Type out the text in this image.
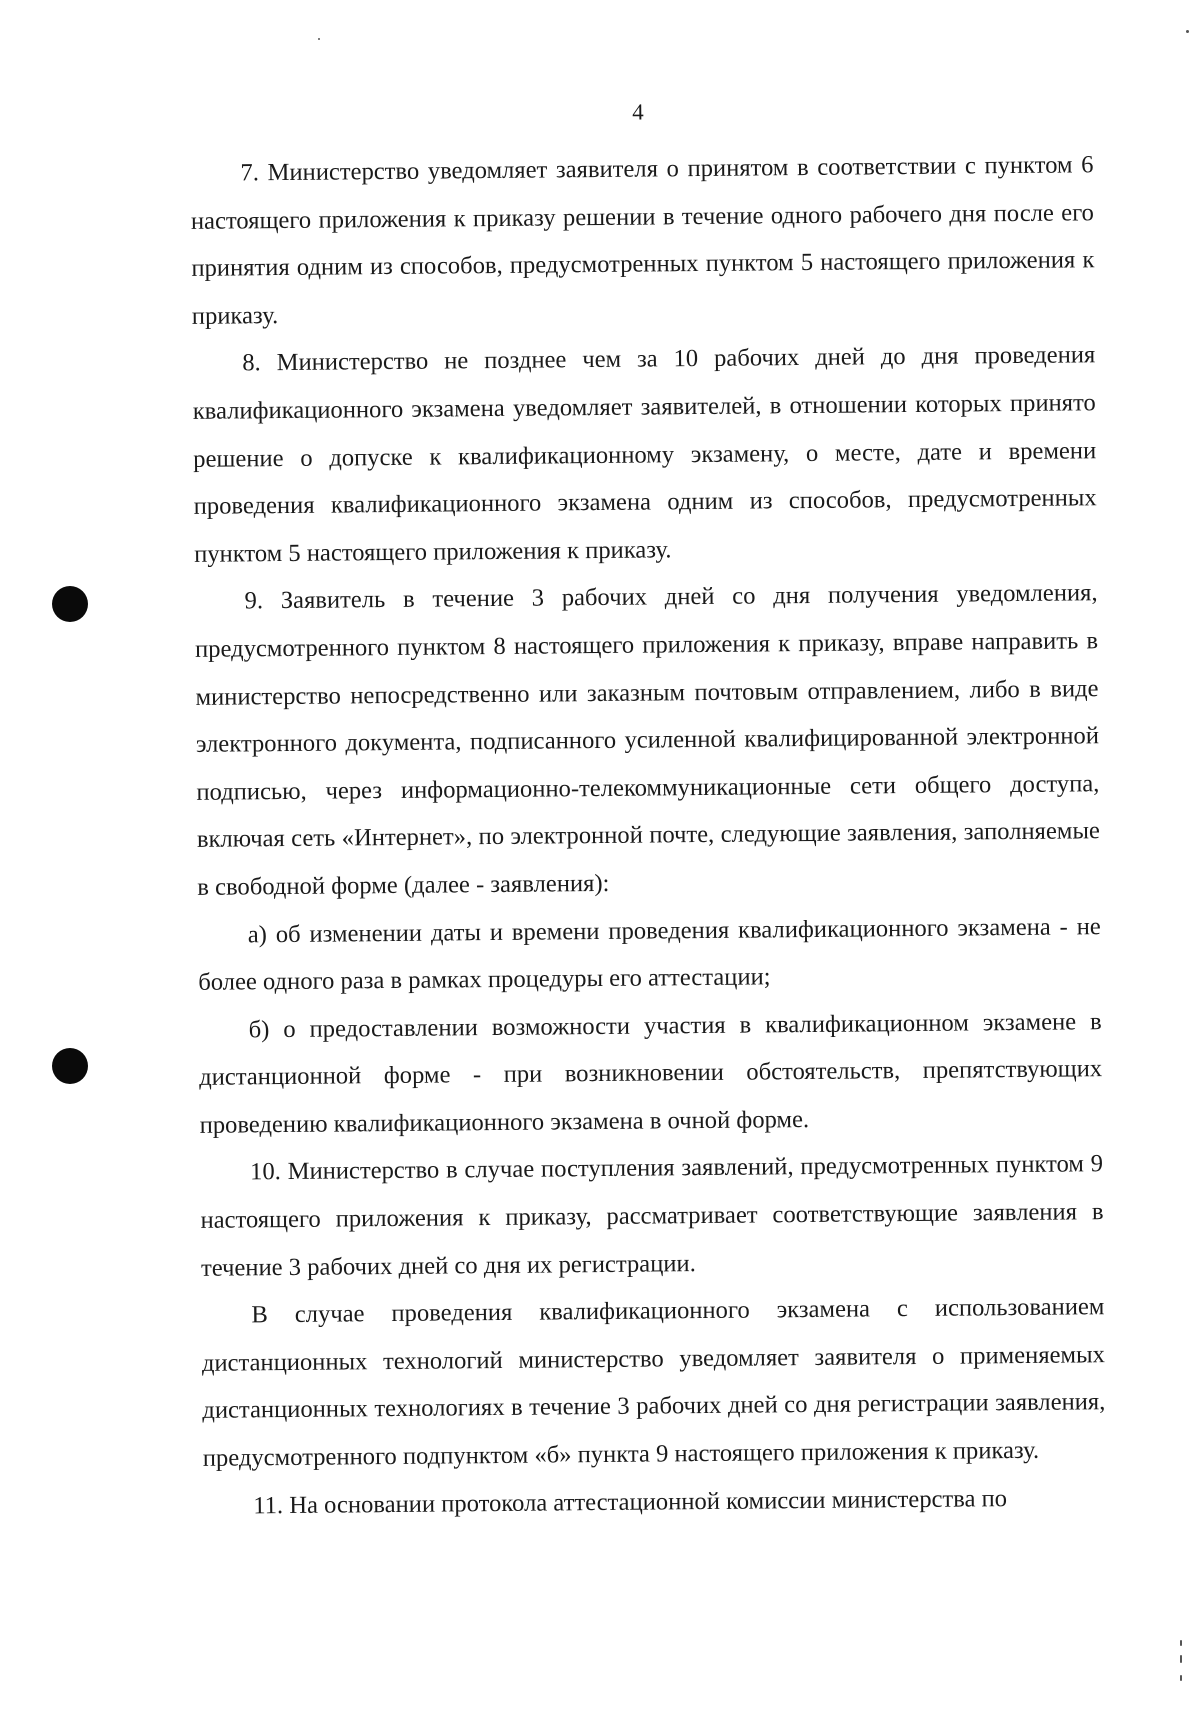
4

7. Министерство уведомляет заявителя о принятом в соответствии с пунктом 6 настоящего приложения к приказу решении в течение одного рабочего дня после его принятия одним из способов, предусмотренных пунктом 5 настоящего приложения к приказу.

8. Министерство не позднее чем за 10 рабочих дней до дня проведения квалификационного экзамена уведомляет заявителей, в отношении которых принято решение о допуске к квалификационному экзамену, о месте, дате и времени проведения квалификационного экзамена одним из способов, предусмотренных пунктом 5 настоящего приложения к приказу.

9. Заявитель в течение 3 рабочих дней со дня получения уведомления, предусмотренного пунктом 8 настоящего приложения к приказу, вправе направить в министерство непосредственно или заказным почтовым отправлением, либо в виде электронного документа, подписанного усиленной квалифицированной электронной подписью, через информационно-телекоммуникационные сети общего доступа, включая сеть «Интернет», по электронной почте, следующие заявления, заполняемые в свободной форме (далее - заявления):

а) об изменении даты и времени проведения квалификационного экзамена - не более одного раза в рамках процедуры его аттестации;

б) о предоставлении возможности участия в квалификационном экзамене в дистанционной форме - при возникновении обстоятельств, препятствующих проведению квалификационного экзамена в очной форме.

10. Министерство в случае поступления заявлений, предусмотренных пунктом 9 настоящего приложения к приказу, рассматривает соответствующие заявления в течение 3 рабочих дней со дня их регистрации.

В случае проведения квалификационного экзамена с использованием дистанционных технологий министерство уведомляет заявителя о применяемых дистанционных технологиях в течение 3 рабочих дней со дня регистрации заявления, предусмотренного подпунктом «б» пункта 9 настоящего приложения к приказу.

11. На основании протокола аттестационной комиссии министерства по
